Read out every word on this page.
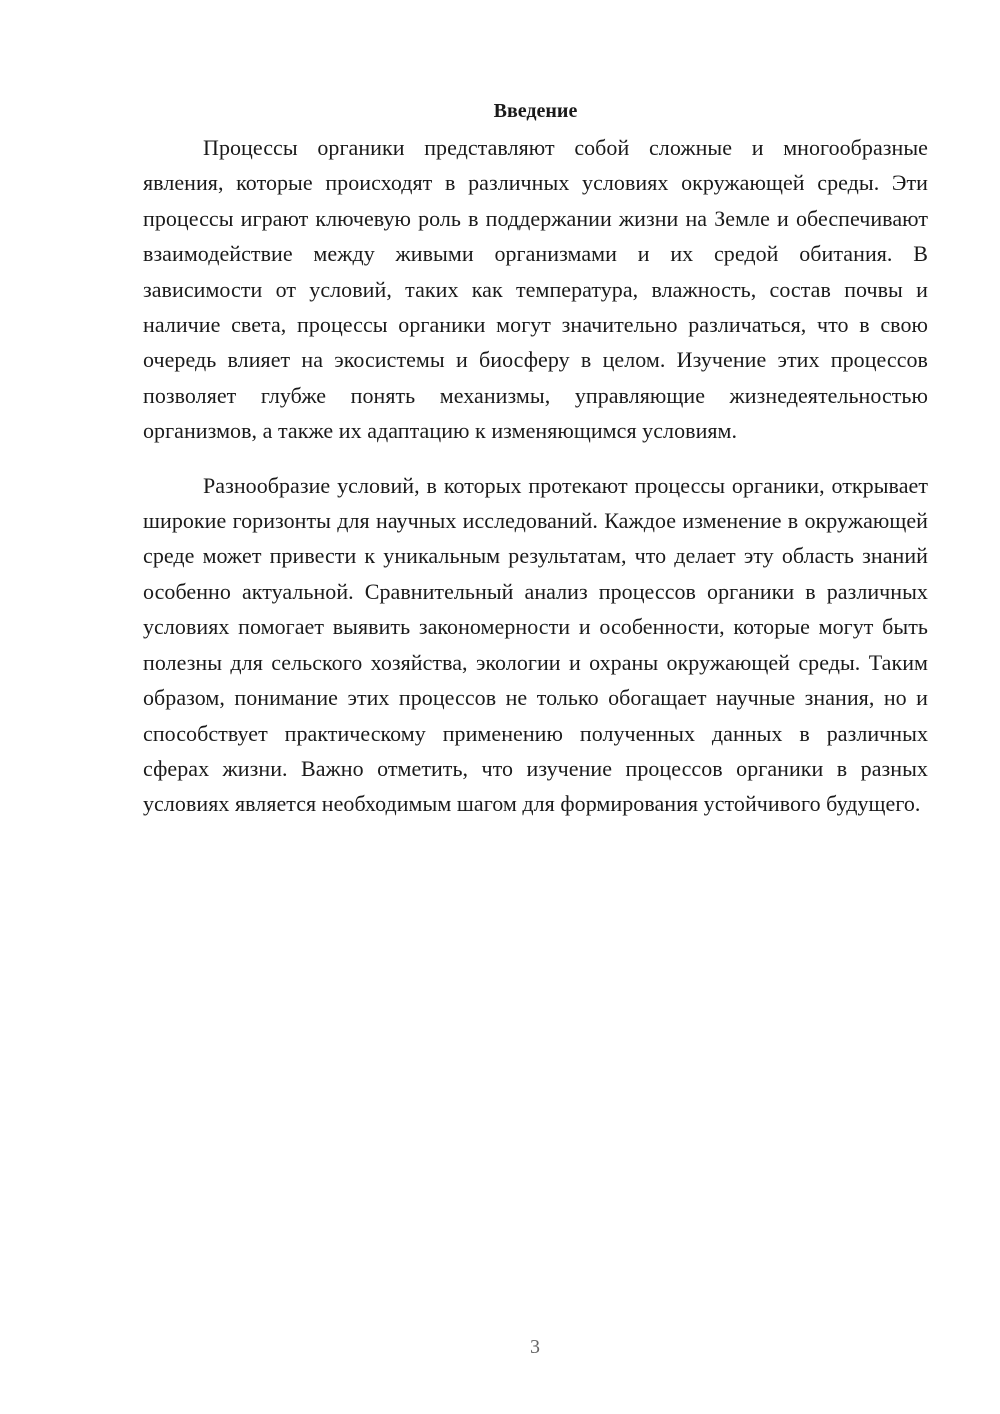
Введение

Процессы органики представляют собой сложные и многообразные явления, которые происходят в различных условиях окружающей среды. Эти процессы играют ключевую роль в поддержании жизни на Земле и обеспечивают взаимодействие между живыми организмами и их средой обитания. В зависимости от условий, таких как температура, влажность, состав почвы и наличие света, процессы органики могут значительно различаться, что в свою очередь влияет на экосистемы и биосферу в целом. Изучение этих процессов позволяет глубже понять механизмы, управляющие жизнедеятельностью организмов, а также их адаптацию к изменяющимся условиям.

Разнообразие условий, в которых протекают процессы органики, открывает широкие горизонты для научных исследований. Каждое изменение в окружающей среде может привести к уникальным результатам, что делает эту область знаний особенно актуальной. Сравнительный анализ процессов органики в различных условиях помогает выявить закономерности и особенности, которые могут быть полезны для сельского хозяйства, экологии и охраны окружающей среды. Таким образом, понимание этих процессов не только обогащает научные знания, но и способствует практическому применению полученных данных в различных сферах жизни. Важно отметить, что изучение процессов органики в разных условиях является необходимым шагом для формирования устойчивого будущего.

3
